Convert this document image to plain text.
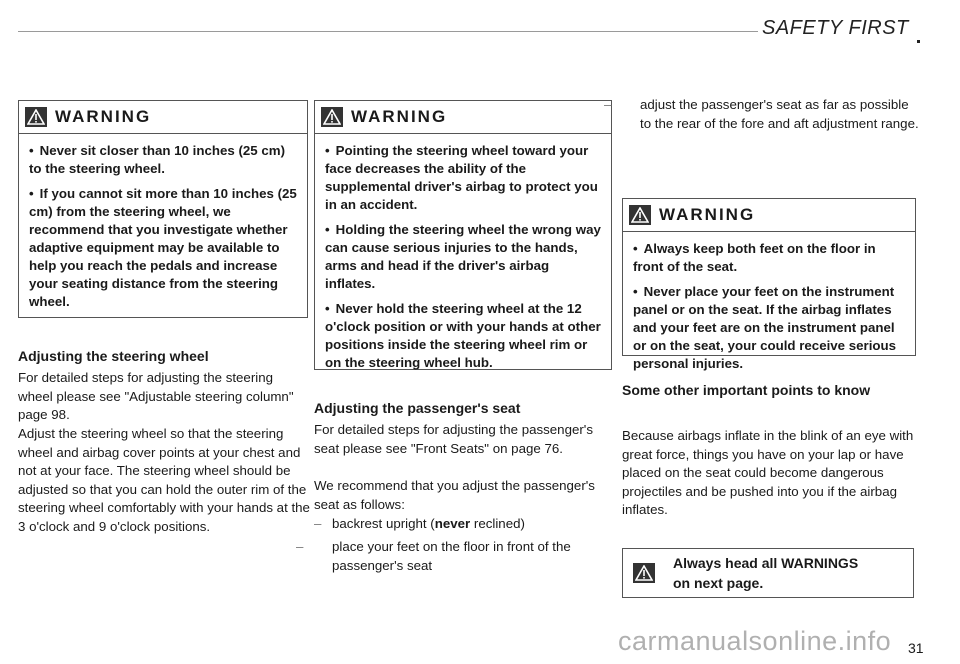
SAFETY FIRST
WARNING

• Never sit closer than 10 inches (25 cm) to the steering wheel.

• If you cannot sit more than 10 inches (25 cm) from the steering wheel, we recommend that you investigate whether adaptive equipment may be available to help you reach the pedals and increase your seating distance from the steering wheel.

Adjusting the steering wheel

For detailed steps for adjusting the steering wheel please see "Adjustable steering column" page 98.

Adjust the steering wheel so that the steering wheel and airbag cover points at your chest and not at your face. The steering wheel should be adjusted so that you can hold the outer rim of the steering wheel comfortably with your hands at the 3 o'clock and 9 o'clock positions.

WARNING

• Pointing the steering wheel toward your face decreases the ability of the supplemental driver's airbag to protect you in an accident.

• Holding the steering wheel the wrong way can cause serious injuries to the hands, arms and head if the driver's airbag inflates.

• Never hold the steering wheel at the 12 o'clock position or with your hands at other positions inside the steering wheel rim or on the steering wheel hub.

Adjusting the passenger's seat

For detailed steps for adjusting the passenger's seat please see "Front Seats" on page 76.

We recommend that you adjust the passenger's seat as follows:

– backrest upright (never reclined)
– place your feet on the floor in front of the passenger's seat
– adjust the passenger's seat as far as possible to the rear of the fore and aft adjustment range.
WARNING

• Always keep both feet on the floor in front of the seat.

• Never place your feet on the instrument panel or on the seat. If the airbag inflates and your feet are on the instrument panel or on the seat, your could receive serious personal injuries.

Some other important points to know

Because airbags inflate in the blink of an eye with great force, things you have on your lap or have placed on the seat could become dangerous projectiles and be pushed into you if the airbag inflates.

Always head all WARNINGS
on next page.
carmanualsonline.info 31
